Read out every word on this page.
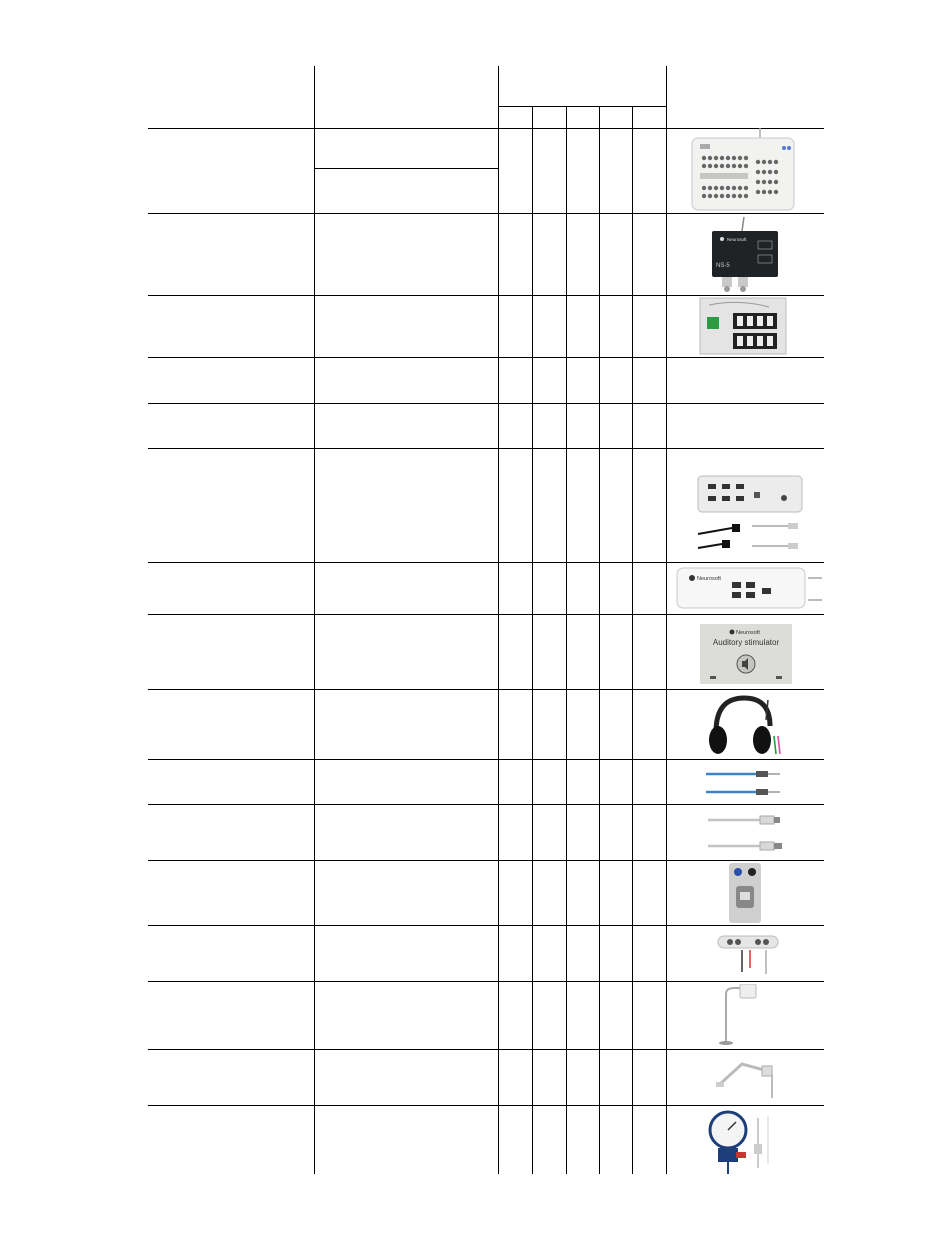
Neurosoft
NS-5
Neurosoft
Neurosoft
Auditory stimulator
